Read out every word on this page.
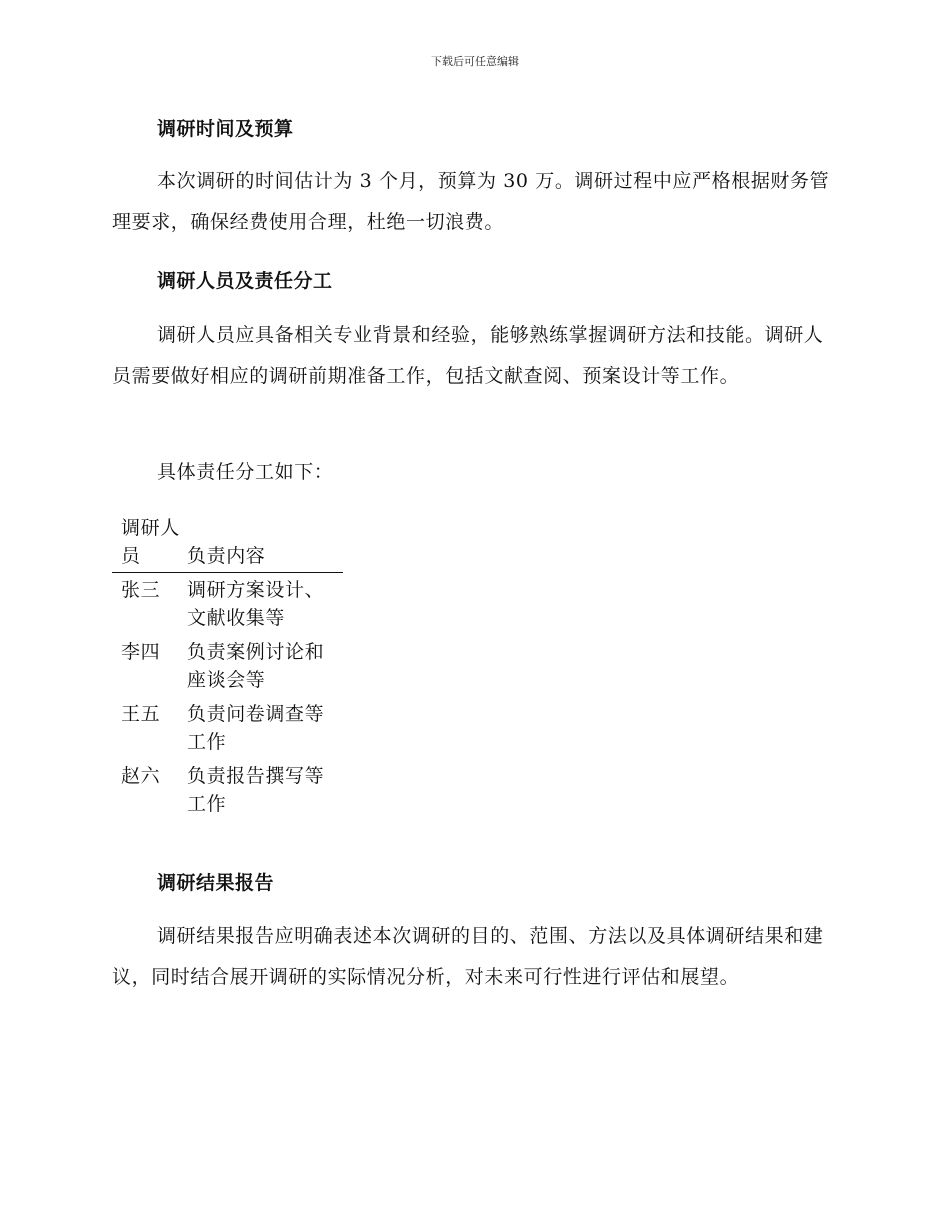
下载后可任意编辑
调研时间及预算

本次调研的时间估计为 3 个月，预算为 30 万。调研过程中应严格根据财务管理要求，确保经费使用合理，杜绝一切浪费。

调研人员及责任分工

调研人员应具备相关专业背景和经验，能够熟练掌握调研方法和技能。调研人员需要做好相应的调研前期准备工作，包括文献查阅、预案设计等工作。

具体责任分工如下：

调研人员	负责内容
张三	调研方案设计、文献收集等
李四	负责案例讨论和座谈会等
王五	负责问卷调查等工作
赵六	负责报告撰写等工作
调研结果报告

调研结果报告应明确表述本次调研的目的、范围、方法以及具体调研结果和建议，同时结合展开调研的实际情况分析，对未来可行性进行评估和展望。
